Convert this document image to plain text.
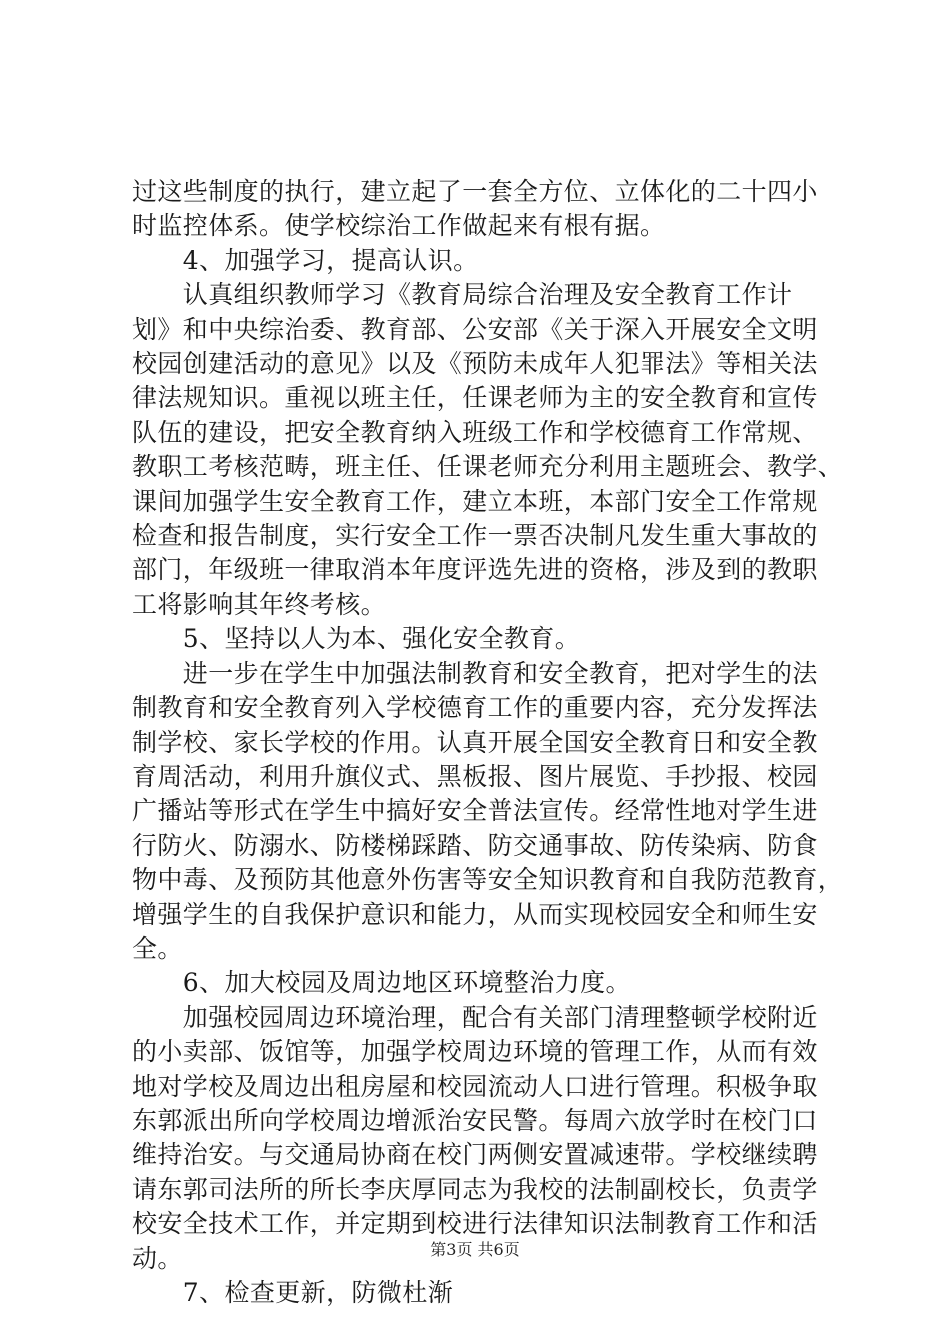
过这些制度的执行，建立起了一套全方位、立体化的二十四小

时监控体系。使学校综治工作做起来有根有据。

　　4、加强学习，提高认识。

　　认真组织教师学习《教育局综合治理及安全教育工作计

划》和中央综治委、教育部、公安部《关于深入开展安全文明

校园创建活动的意见》以及《预防未成年人犯罪法》等相关法

律法规知识。重视以班主任，任课老师为主的安全教育和宣传

队伍的建设，把安全教育纳入班级工作和学校德育工作常规、

教职工考核范畴，班主任、任课老师充分利用主题班会、教学、

课间加强学生安全教育工作，建立本班，本部门安全工作常规

检查和报告制度，实行安全工作一票否决制凡发生重大事故的

部门，年级班一律取消本年度评选先进的资格，涉及到的教职

工将影响其年终考核。

　　5、坚持以人为本、强化安全教育。

　　进一步在学生中加强法制教育和安全教育，把对学生的法

制教育和安全教育列入学校德育工作的重要内容，充分发挥法

制学校、家长学校的作用。认真开展全国安全教育日和安全教

育周活动，利用升旗仪式、黑板报、图片展览、手抄报、校园

广播站等形式在学生中搞好安全普法宣传。经常性地对学生进

行防火、防溺水、防楼梯踩踏、防交通事故、防传染病、防食

物中毒、及预防其他意外伤害等安全知识教育和自我防范教育，

增强学生的自我保护意识和能力，从而实现校园安全和师生安

全。

　　6、加大校园及周边地区环境整治力度。

　　加强校园周边环境治理，配合有关部门清理整顿学校附近

的小卖部、饭馆等，加强学校周边环境的管理工作，从而有效

地对学校及周边出租房屋和校园流动人口进行管理。积极争取

东郭派出所向学校周边增派治安民警。每周六放学时在校门口

维持治安。与交通局协商在校门两侧安置减速带。学校继续聘

请东郭司法所的所长李庆厚同志为我校的法制副校长，负责学

校安全技术工作，并定期到校进行法律知识法制教育工作和活

动。

　　7、检查更新，防微杜渐

第3页 共6页
